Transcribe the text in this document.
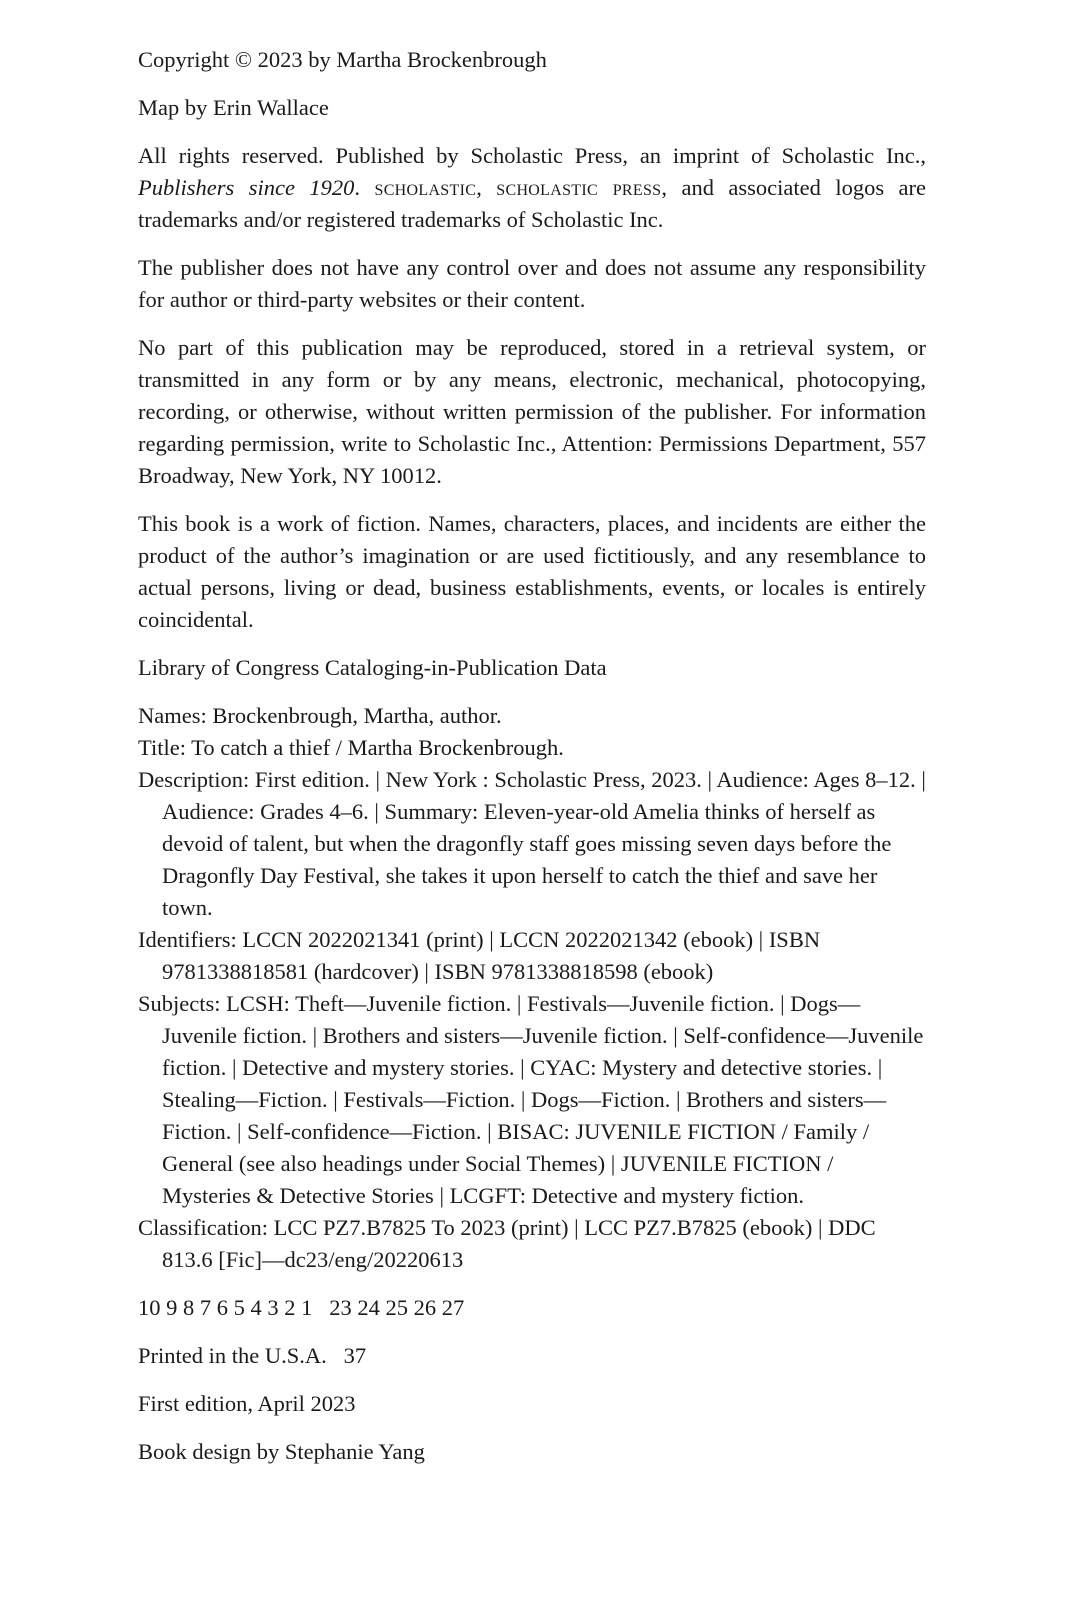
Copyright © 2023 by Martha Brockenbrough

Map by Erin Wallace

All rights reserved. Published by Scholastic Press, an imprint of Scholastic Inc., Publishers since 1920. scholastic, scholastic press, and associated logos are trademarks and/or registered trademarks of Scholastic Inc.

The publisher does not have any control over and does not assume any responsibility for author or third-party websites or their content.

No part of this publication may be reproduced, stored in a retrieval system, or transmitted in any form or by any means, electronic, mechanical, photocopying, recording, or otherwise, without written permission of the publisher. For information regarding permission, write to Scholastic Inc., Attention: Permissions Department, 557 Broadway, New York, NY 10012.

This book is a work of fiction. Names, characters, places, and incidents are either the product of the author’s imagination or are used fictitiously, and any resemblance to actual persons, living or dead, business establishments, events, or locales is entirely coincidental.

Library of Congress Cataloging-in-Publication Data

Names: Brockenbrough, Martha, author.
Title: To catch a thief / Martha Brockenbrough.
Description: First edition. | New York : Scholastic Press, 2023. | Audience: Ages 8–12. | Audience: Grades 4–6. | Summary: Eleven-year-old Amelia thinks of herself as devoid of talent, but when the dragonfly staff goes missing seven days before the Dragonfly Day Festival, she takes it upon herself to catch the thief and save her town.
Identifiers: LCCN 2022021341 (print) | LCCN 2022021342 (ebook) | ISBN 9781338818581 (hardcover) | ISBN 9781338818598 (ebook)
Subjects: LCSH: Theft—Juvenile fiction. | Festivals—Juvenile fiction. | Dogs—Juvenile fiction. | Brothers and sisters—Juvenile fiction. | Self-confidence—Juvenile fiction. | Detective and mystery stories. | CYAC: Mystery and detective stories. | Stealing—Fiction. | Festivals—Fiction. | Dogs—Fiction. | Brothers and sisters—Fiction. | Self-confidence—Fiction. | BISAC: JUVENILE FICTION / Family / General (see also headings under Social Themes) | JUVENILE FICTION / Mysteries & Detective Stories | LCGFT: Detective and mystery fiction.
Classification: LCC PZ7.B7825 To 2023 (print) | LCC PZ7.B7825 (ebook) | DDC 813.6 [Fic]—dc23/eng/20220613

10 9 8 7 6 5 4 3 2 1   23 24 25 26 27

Printed in the U.S.A.   37

First edition, April 2023

Book design by Stephanie Yang
